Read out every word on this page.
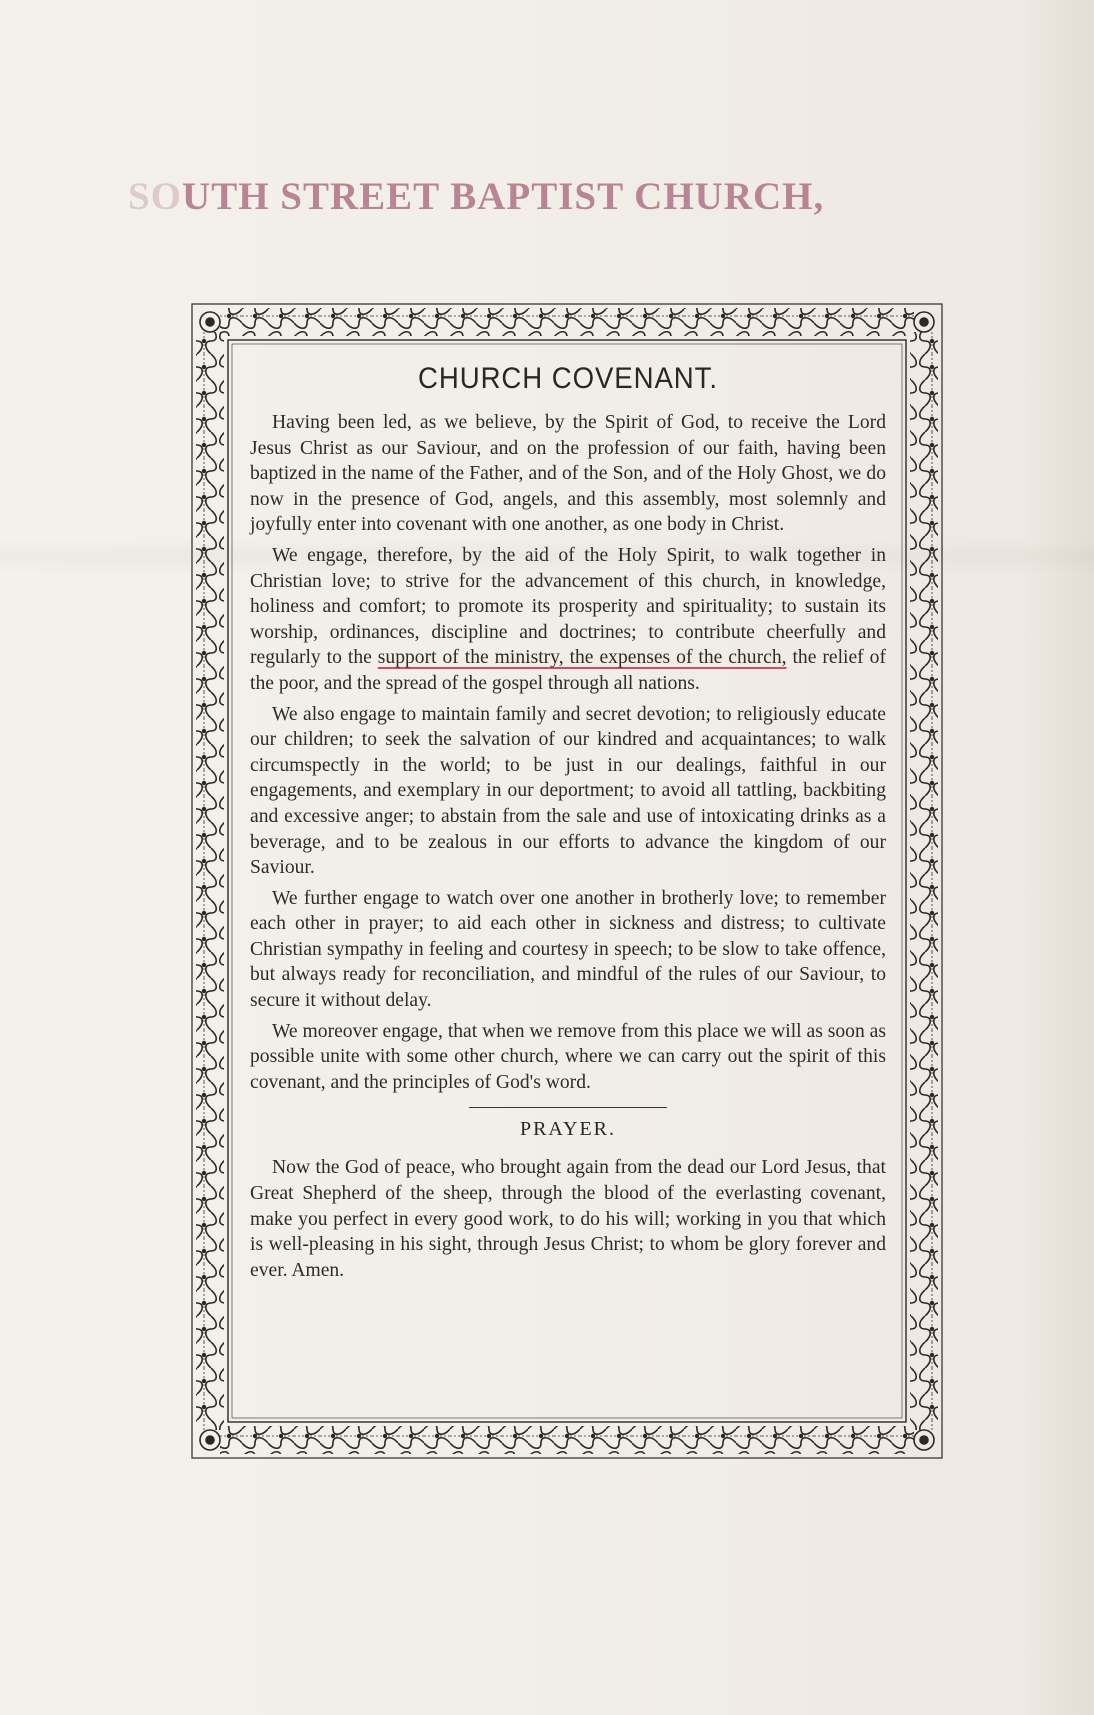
SOUTH STREET BAPTIST CHURCH,
CHURCH COVENANT.

Having been led, as we believe, by the Spirit of God, to receive the Lord Jesus Christ as our Saviour, and on the profession of our faith, having been baptized in the name of the Father, and of the Son, and of the Holy Ghost, we do now in the presence of God, angels, and this assembly, most solemnly and joyfully enter into covenant with one another, as one body in Christ.

We engage, therefore, by the aid of the Holy Spirit, to walk together in Christian love; to strive for the advancement of this church, in knowledge, holiness and comfort; to promote its prosperity and spirituality; to sustain its worship, ordinances, discipline and doctrines; to contribute cheerfully and regularly to the support of the ministry, the expenses of the church, the relief of the poor, and the spread of the gospel through all nations.

We also engage to maintain family and secret devotion; to religiously educate our children; to seek the salvation of our kindred and acquaintances; to walk circumspectly in the world; to be just in our dealings, faithful in our engagements, and exemplary in our deportment; to avoid all tattling, backbiting and excessive anger; to abstain from the sale and use of intoxicating drinks as a beverage, and to be zealous in our efforts to advance the kingdom of our Saviour.

We further engage to watch over one another in brotherly love; to remember each other in prayer; to aid each other in sickness and distress; to cultivate Christian sympathy in feeling and courtesy in speech; to be slow to take offence, but always ready for reconciliation, and mindful of the rules of our Saviour, to secure it without delay.

We moreover engage, that when we remove from this place we will as soon as possible unite with some other church, where we can carry out the spirit of this covenant, and the principles of God's word.

PRAYER.

Now the God of peace, who brought again from the dead our Lord Jesus, that Great Shepherd of the sheep, through the blood of the everlasting covenant, make you perfect in every good work, to do his will; working in you that which is well-pleasing in his sight, through Jesus Christ; to whom be glory forever and ever. Amen.
